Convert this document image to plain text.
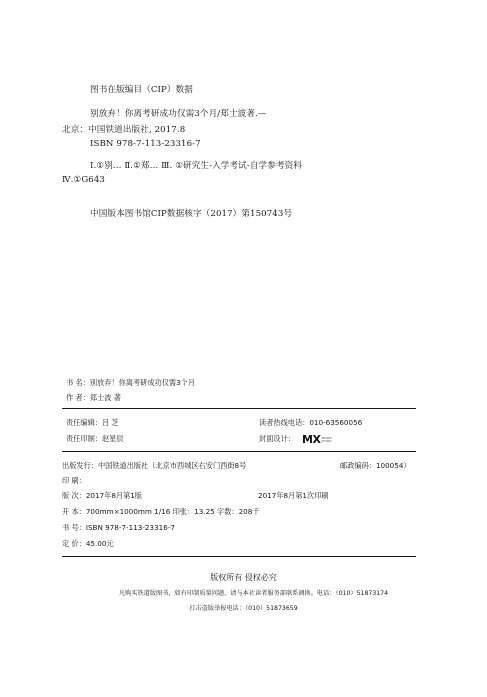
图书在版编目（CIP）数据
别放弃！你离考研成功仅需3个月/郑士波著.—
北京：中国铁道出版社, 2017.8
ISBN 978-7-113-23316-7
Ⅰ.①别… Ⅱ.①郑… Ⅲ. ①研究生-入学考试-自学参考资料
Ⅳ.①G643
中国版本图书馆CIP数据核字（2017）第150743号
书 名：别放弃！你离考研成功仅需3个月
作 者：郑士波 著
责任编辑：吕 芝	读者热线电话：010-63560056
责任印制：赵星辰	封面设计： MX DESIGN
STUDIO
出版发行：中国铁道出版社（北京市西城区右安门西街8号	邮政编码：100054）
印 刷：
版 次：2017年8月第1版	2017年8月第1次印刷
开 本：700mm×1000mm 1/16 印张：13.25 字数：208千
书 号：ISBN 978-7-113-23316-7
定 价：45.00元
版权所有 侵权必究
凡购买铁道版图书，如有印制质量问题，请与本社读者服务部联系调换。电话：（010）51873174
打击盗版举报电话：（010）51873659
